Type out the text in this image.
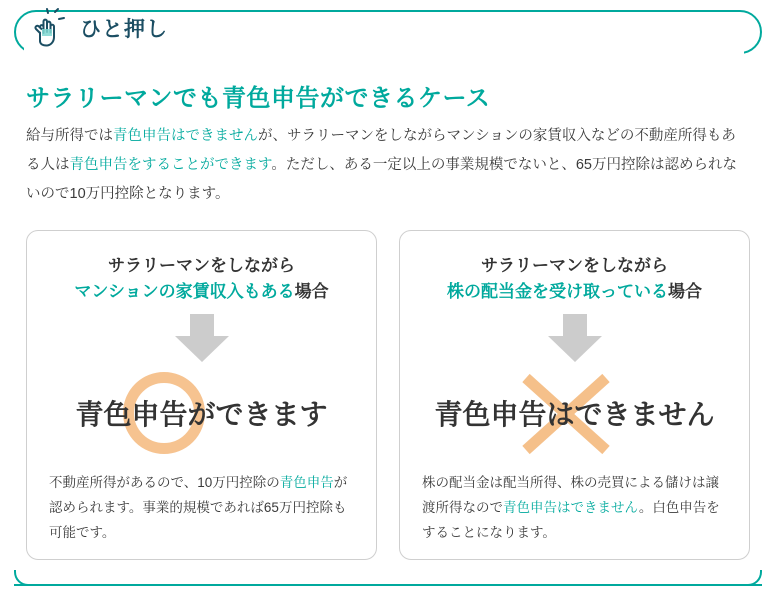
ひと押し
サラリーマンでも青色申告ができるケース
給与所得では青色申告はできませんが、サラリーマンをしながらマンションの家賃収入などの不動産所得もある人は青色申告をすることができます。ただし、ある一定以上の事業規模でないと、65万円控除は認められないので10万円控除となります。
サラリーマンをしながら
マンションの家賃収入もある場合
青色申告ができます
不動産所得があるので、10万円控除の青色申告が認められます。事業的規模であれば65万円控除も可能です。
サラリーマンをしながら
株の配当金を受け取っている場合
青色申告はできません
株の配当金は配当所得、株の売買による儲けは譲渡所得なので青色申告はできません。白色申告をすることになります。
